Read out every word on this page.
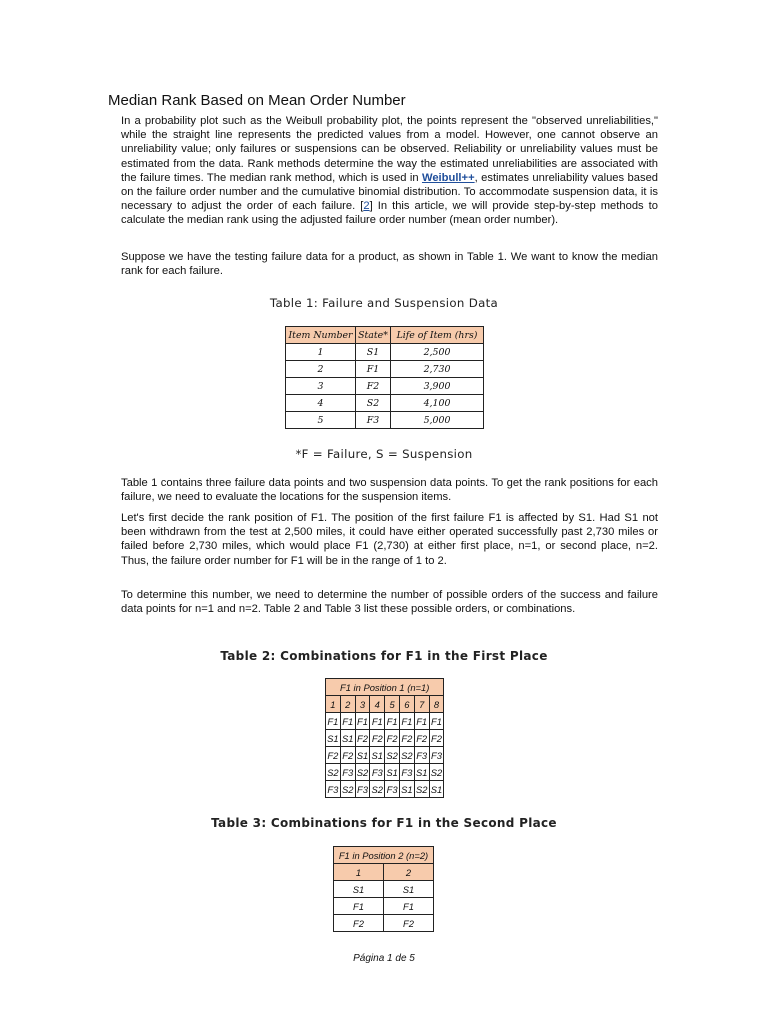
Median Rank Based on Mean Order Number

In a probability plot such as the Weibull probability plot, the points represent the "observed unreliabilities," while the straight line represents the predicted values from a model. However, one cannot observe an unreliability value; only failures or suspensions can be observed. Reliability or unreliability values must be estimated from the data. Rank methods determine the way the estimated unreliabilities are associated with the failure times. The median rank method, which is used in Weibull++, estimates unreliability values based on the failure order number and the cumulative binomial distribution. To accommodate suspension data, it is necessary to adjust the order of each failure. [2] In this article, we will provide step-by-step methods to calculate the median rank using the adjusted failure order number (mean order number).

Suppose we have the testing failure data for a product, as shown in Table 1. We want to know the median rank for each failure.

Table 1: Failure and Suspension Data

Item Number	State*	Life of Item (hrs)
1	S1	2,500
2	F1	2,730
3	F2	3,900
4	S2	4,100
5	F3	5,000

*F = Failure, S = Suspension

Table 1 contains three failure data points and two suspension data points. To get the rank positions for each failure, we need to evaluate the locations for the suspension items.

Let's first decide the rank position of F1. The position of the first failure F1 is affected by S1. Had S1 not been withdrawn from the test at 2,500 miles, it could have either operated successfully past 2,730 miles or failed before 2,730 miles, which would place F1 (2,730) at either first place, n=1, or second place, n=2. Thus, the failure order number for F1 will be in the range of 1 to 2.

To determine this number, we need to determine the number of possible orders of the success and failure data points for n=1 and n=2. Table 2 and Table 3 list these possible orders, or combinations.

Table 2: Combinations for F1 in the First Place

F1 in Position 1 (n=1)							
1	2	3	4	5	6	7	8
F1	F1	F1	F1	F1	F1	F1	F1
S1	S1	F2	F2	F2	F2	F2	F2
F2	F2	S1	S1	S2	S2	F3	F3
S2	F3	S2	F3	S1	F3	S1	S2
F3	S2	F3	S2	F3	S1	S2	S1

Table 3: Combinations for F1 in the Second Place

F1 in Position 2 (n=2)	
1	2
S1	S1
F1	F1
F2	F2

Página 1 de 5
